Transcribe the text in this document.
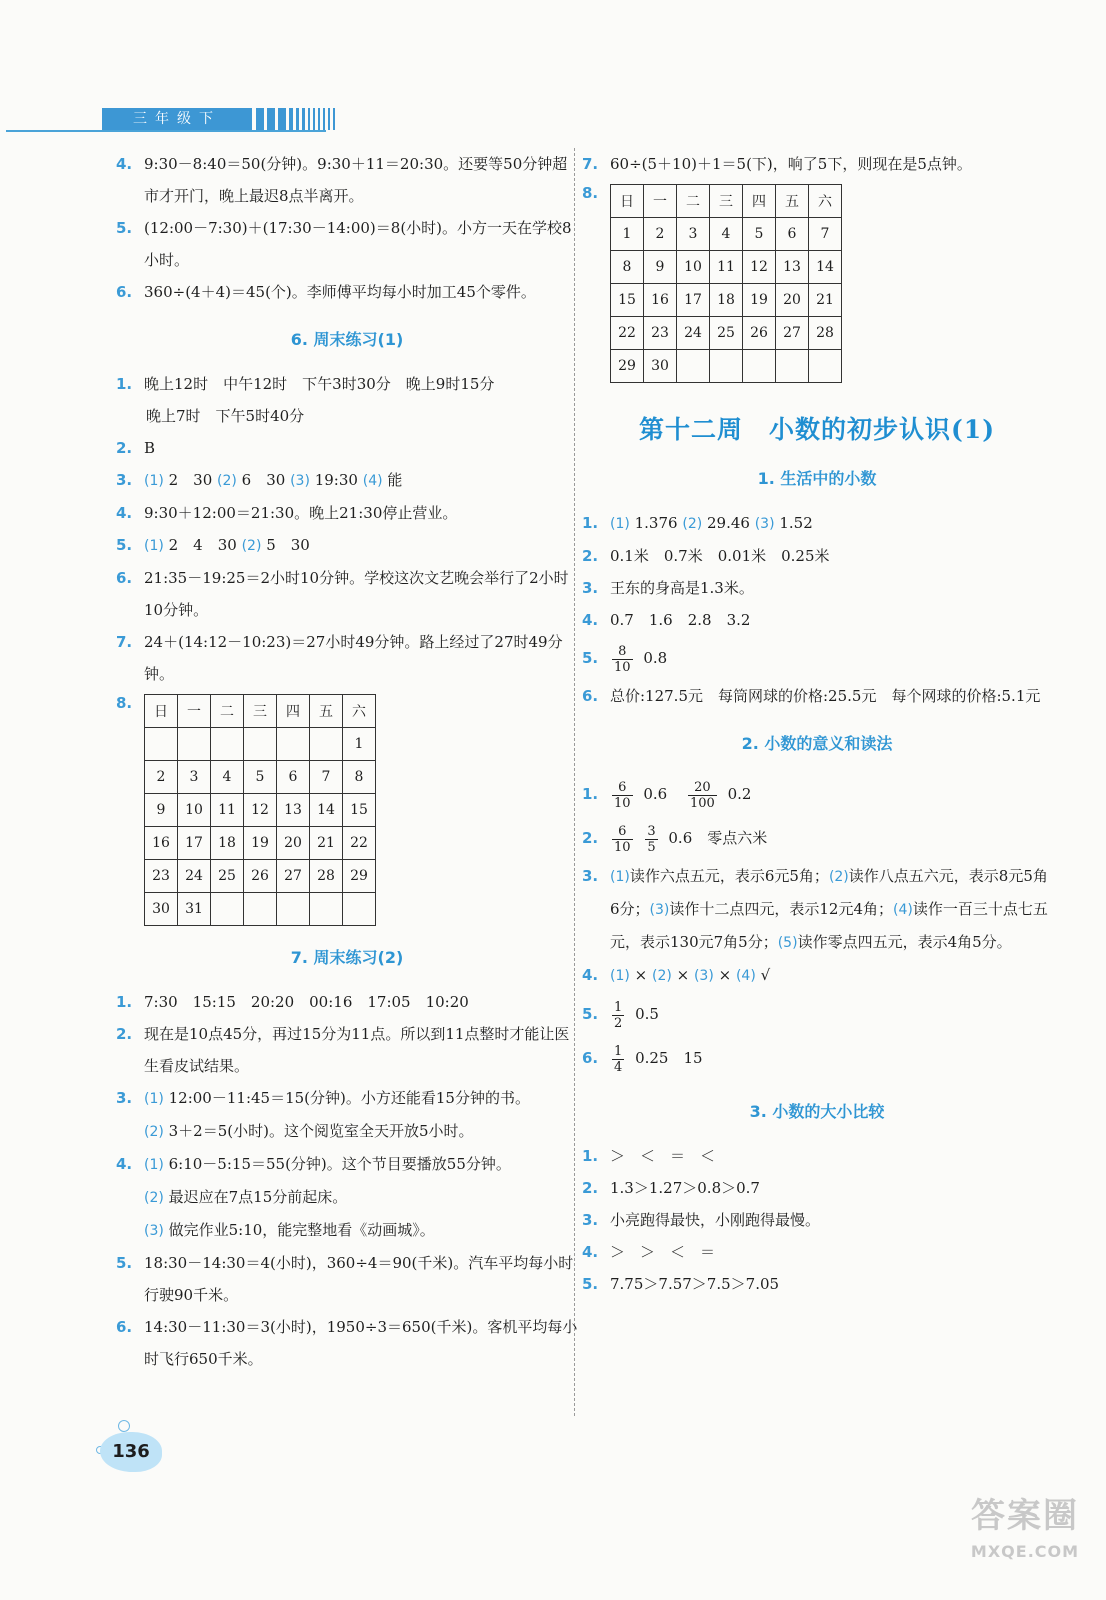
三年级下
4. 9:30－8:40＝50(分钟)。9:30＋11＝20:30。还要等50分钟超市才开门，晚上最迟8点半离开。
5. (12:00－7:30)＋(17:30－14:00)＝8(小时)。小方一天在学校8小时。
6. 360÷(4＋4)＝45(个)。李师傅平均每小时加工45个零件。
6. 周末练习(1)
1. 晚上12时　中午12时　下午3时30分　晚上9时15分
晚上7时　下午5时40分
2. B
3. (1) 2　30 (2) 6　30 (3) 19:30 (4) 能
4. 9:30＋12:00＝21:30。晚上21:30停止营业。
5. (1) 2　4　30 (2) 5　30
6. 21:35－19:25＝2小时10分钟。学校这次文艺晚会举行了2小时10分钟。
7. 24＋(14:12－10:23)＝27小时49分钟。路上经过了27时49分钟。
8. 日	一	二	三	四	五	六
						1
2	3	4	5	6	7	8
9	10	11	12	13	14	15
16	17	18	19	20	21	22
23	24	25	26	27	28	29
30	31					
7. 周末练习(2)
1. 7:30　15:15　20:20　00:16　17:05　10:20
2. 现在是10点45分，再过15分为11点。所以到11点整时才能让医生看皮试结果。
3. (1) 12:00－11:45＝15(分钟)。小方还能看15分钟的书。
(2) 3＋2＝5(小时)。这个阅览室全天开放5小时。
4. (1) 6:10－5:15＝55(分钟)。这个节目要播放55分钟。
(2) 最迟应在7点15分前起床。
(3) 做完作业5:10，能完整地看《动画城》。
5. 18:30－14:30＝4(小时)，360÷4＝90(千米)。汽车平均每小时行驶90千米。
6. 14:30－11:30＝3(小时)，1950÷3＝650(千米)。客机平均每小时飞行650千米。
7. 60÷(5＋10)＋1＝5(下)，响了5下，则现在是5点钟。
8. 日	一	二	三	四	五	六
1	2	3	4	5	6	7
8	9	10	11	12	13	14
15	16	17	18	19	20	21
22	23	24	25	26	27	28
29	30					
第十二周 小数的初步认识(1)
1. 生活中的小数
1. (1) 1.376 (2) 29.46 (3) 1.52
2. 0.1米　0.7米　0.01米　0.25米
3. 王东的身高是1.3米。
4. 0.7　1.6　2.8　3.2
5. $\frac{8}{10} 0.8$
6. 总价:127.5元　每筒网球的价格:25.5元　每个网球的价格:5.1元
2. 小数的意义和读法
1. $\frac{6}{10} 0.6 \frac{20}{100} 0.2$
2. $\frac{6}{10}$
$\frac{3}{5} 0.6$　零点六米
3. (1)读作六点五元，表示6元5角；(2)读作八点五六元，表示8元5角6分；(3)读作十二点四元，表示12元4角；(4)读作一百三十点七五元，表示130元7角5分；(5)读作零点四五元，表示4角5分。
4. (1) × (2) × (3) × (4) √
5. $\frac{1}{2} 0.5$
6. $\frac{1}{4} 0.25$　15
3. 小数的大小比较
1. ＞　＜　＝　＜
2. 1.3＞1.27＞0.8＞0.7
3. 小亮跑得最快，小刚跑得最慢。
4. ＞　＞　＜　＝
5. 7.75＞7.57＞7.5＞7.05
136
答案圈
MXQE.COM
